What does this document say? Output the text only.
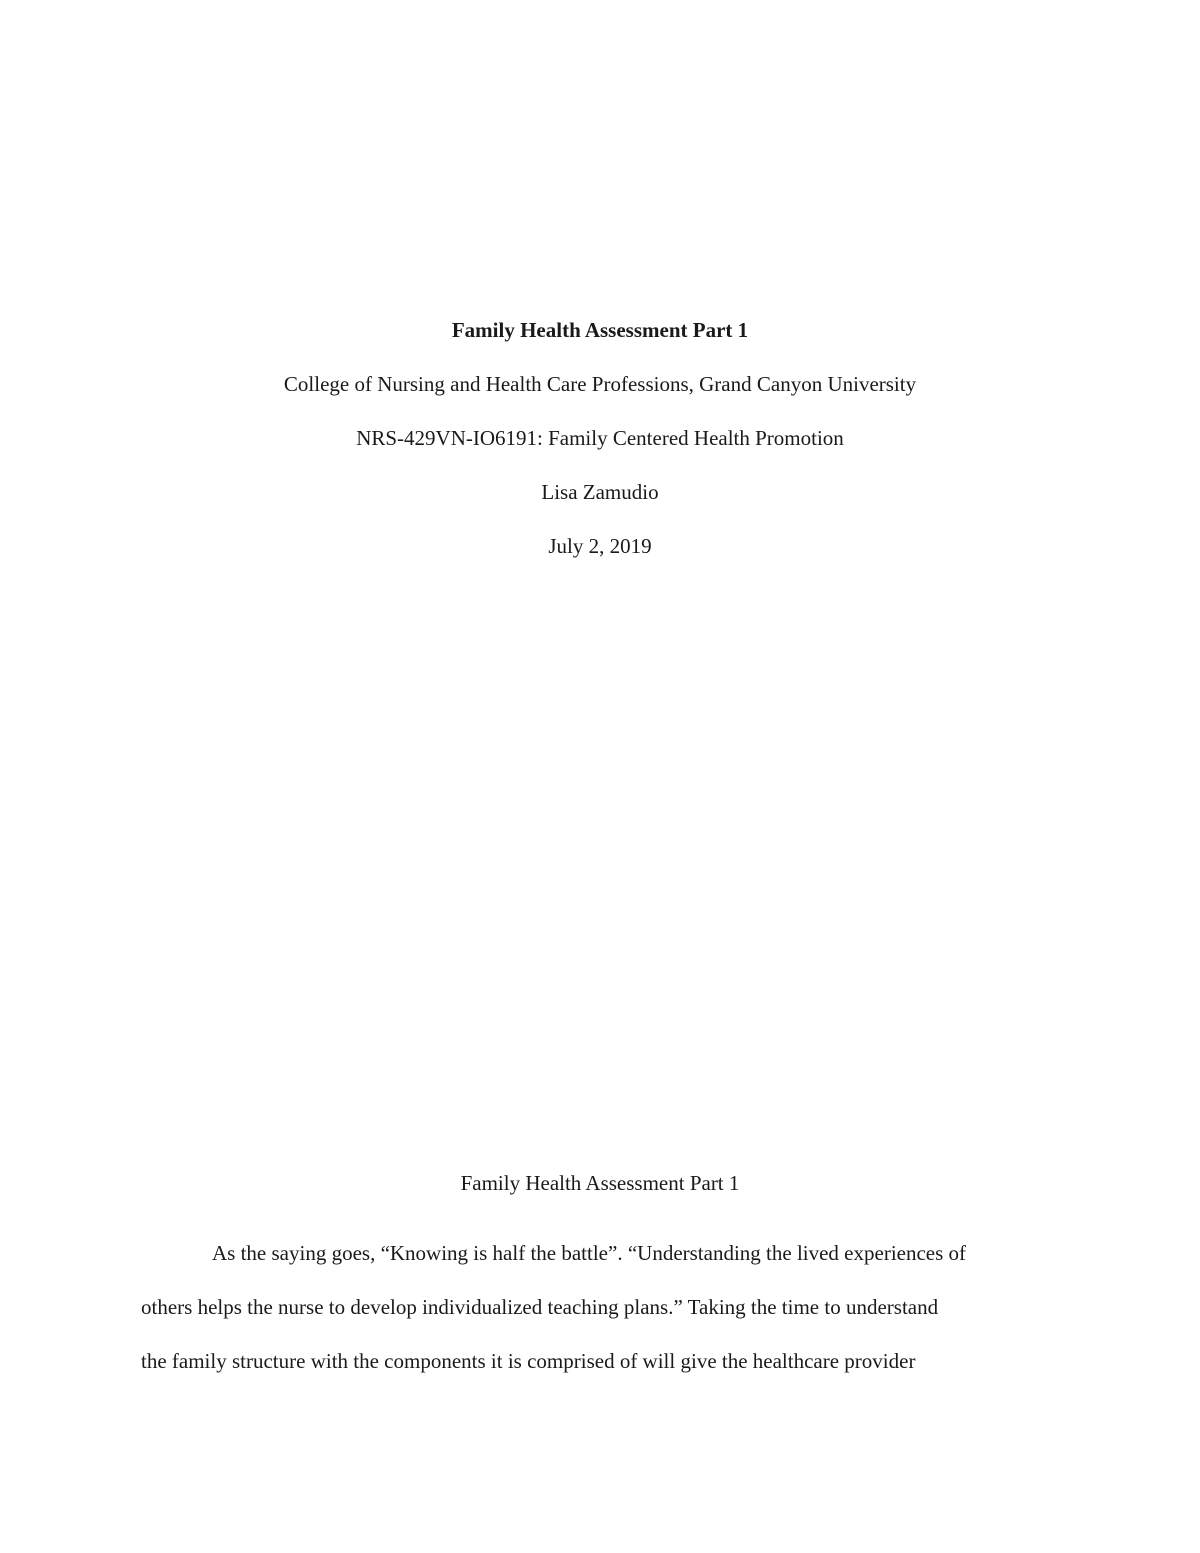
Family Health Assessment Part 1
College of Nursing and Health Care Professions, Grand Canyon University
NRS-429VN-IO6191: Family Centered Health Promotion
Lisa Zamudio
July 2, 2019
Family Health Assessment Part 1
As the saying goes, “Knowing is half the battle”. “Understanding the lived experiences of
others helps the nurse to develop individualized teaching plans.” Taking the time to understand
the family structure with the components it is comprised of will give the healthcare provider
